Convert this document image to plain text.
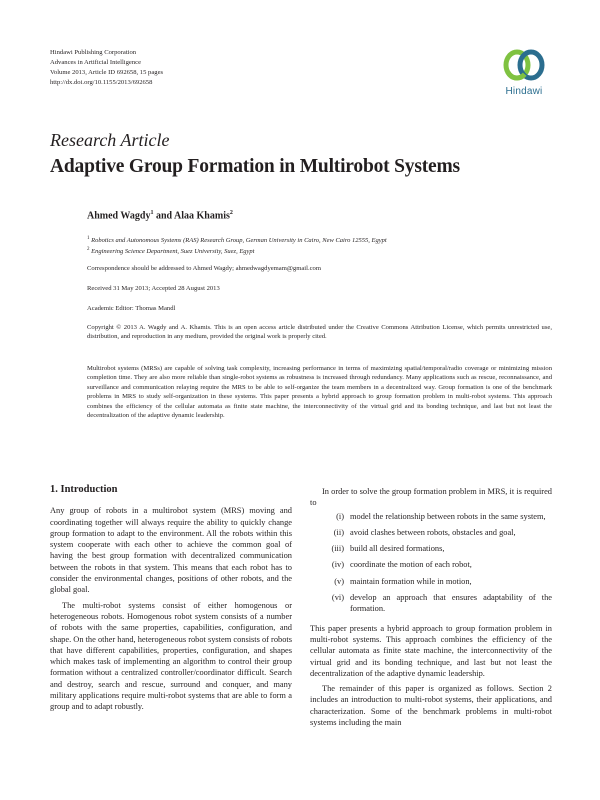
Hindawi Publishing Corporation
Advances in Artificial Intelligence
Volume 2013, Article ID 692658, 15 pages
http://dx.doi.org/10.1155/2013/692658
Hindawi
Research Article
Adaptive Group Formation in Multirobot Systems
Ahmed Wagdy$^1$ and Alaa Khamis$^2$
$^1$ Robotics and Autonomous Systems (RAS) Research Group, German University in Cairo, New Cairo 12555, Egypt
$^2$ Engineering Science Department, Suez University, Suez, Egypt
Correspondence should be addressed to Ahmed Wagdy; ahmedwagdyemam@gmail.com
Received 31 May 2013; Accepted 28 August 2013
Academic Editor: Thomas Mandl
Copyright © 2013 A. Wagdy and A. Khamis. This is an open access article distributed under the Creative Commons Attribution License, which permits unrestricted use, distribution, and reproduction in any medium, provided the original work is properly cited.
Multirobot systems (MRSs) are capable of solving task complexity, increasing performance in terms of maximizing spatial/temporal/radio coverage or minimizing mission completion time. They are also more reliable than single-robot systems as robustness is increased through redundancy. Many applications such as rescue, reconnaissance, and surveillance and communication relaying require the MRS to be able to self-organize the team members in a decentralized way. Group formation is one of the benchmark problems in MRS to study self-organization in these systems. This paper presents a hybrid approach to group formation problem in multi-robot systems. This approach combines the efficiency of the cellular automata as finite state machine, the interconnectivity of the virtual grid and its bonding technique, and last but not least the decentralization of the adaptive dynamic leadership.
1. Introduction

Any group of robots in a multirobot system (MRS) moving and coordinating together will always require the ability to quickly change group formation to adapt to the environment. All the robots within this system cooperate with each other to achieve the common goal of having the best group formation with decentralized communication between the robots in that system. This means that each robot has to consider the environmental changes, positions of other robots, and the global goal.

The multi-robot systems consist of either homogenous or heterogeneous robots. Homogenous robot system consists of a number of robots with the same properties, capabilities, configuration, and shape. On the other hand, heterogeneous robot system consists of robots that have different capabilities, properties, configuration, and shapes which makes task of implementing an algorithm to control their group formation without a centralized controller/coordinator difficult. Search and destroy, search and rescue, surround and conquer, and many military applications require multi-robot systems that are able to form a group and to adapt robustly.

In order to solve the group formation problem in MRS, it is required to

(i) model the relationship between robots in the same system,
(ii) avoid clashes between robots, obstacles and goal,
(iii) build all desired formations,
(iv) coordinate the motion of each robot,
(v) maintain formation while in motion,
(vi) develop an approach that ensures adaptability of the formation.

This paper presents a hybrid approach to group formation problem in multi-robot systems. This approach combines the efficiency of the cellular automata as finite state machine, the interconnectivity of the virtual grid and its bonding technique, and last but not least the decentralization of the adaptive dynamic leadership.

The remainder of this paper is organized as follows. Section 2 includes an introduction to multi-robot systems, their applications, and characterization. Some of the benchmark problems in multi-robot systems including the main
